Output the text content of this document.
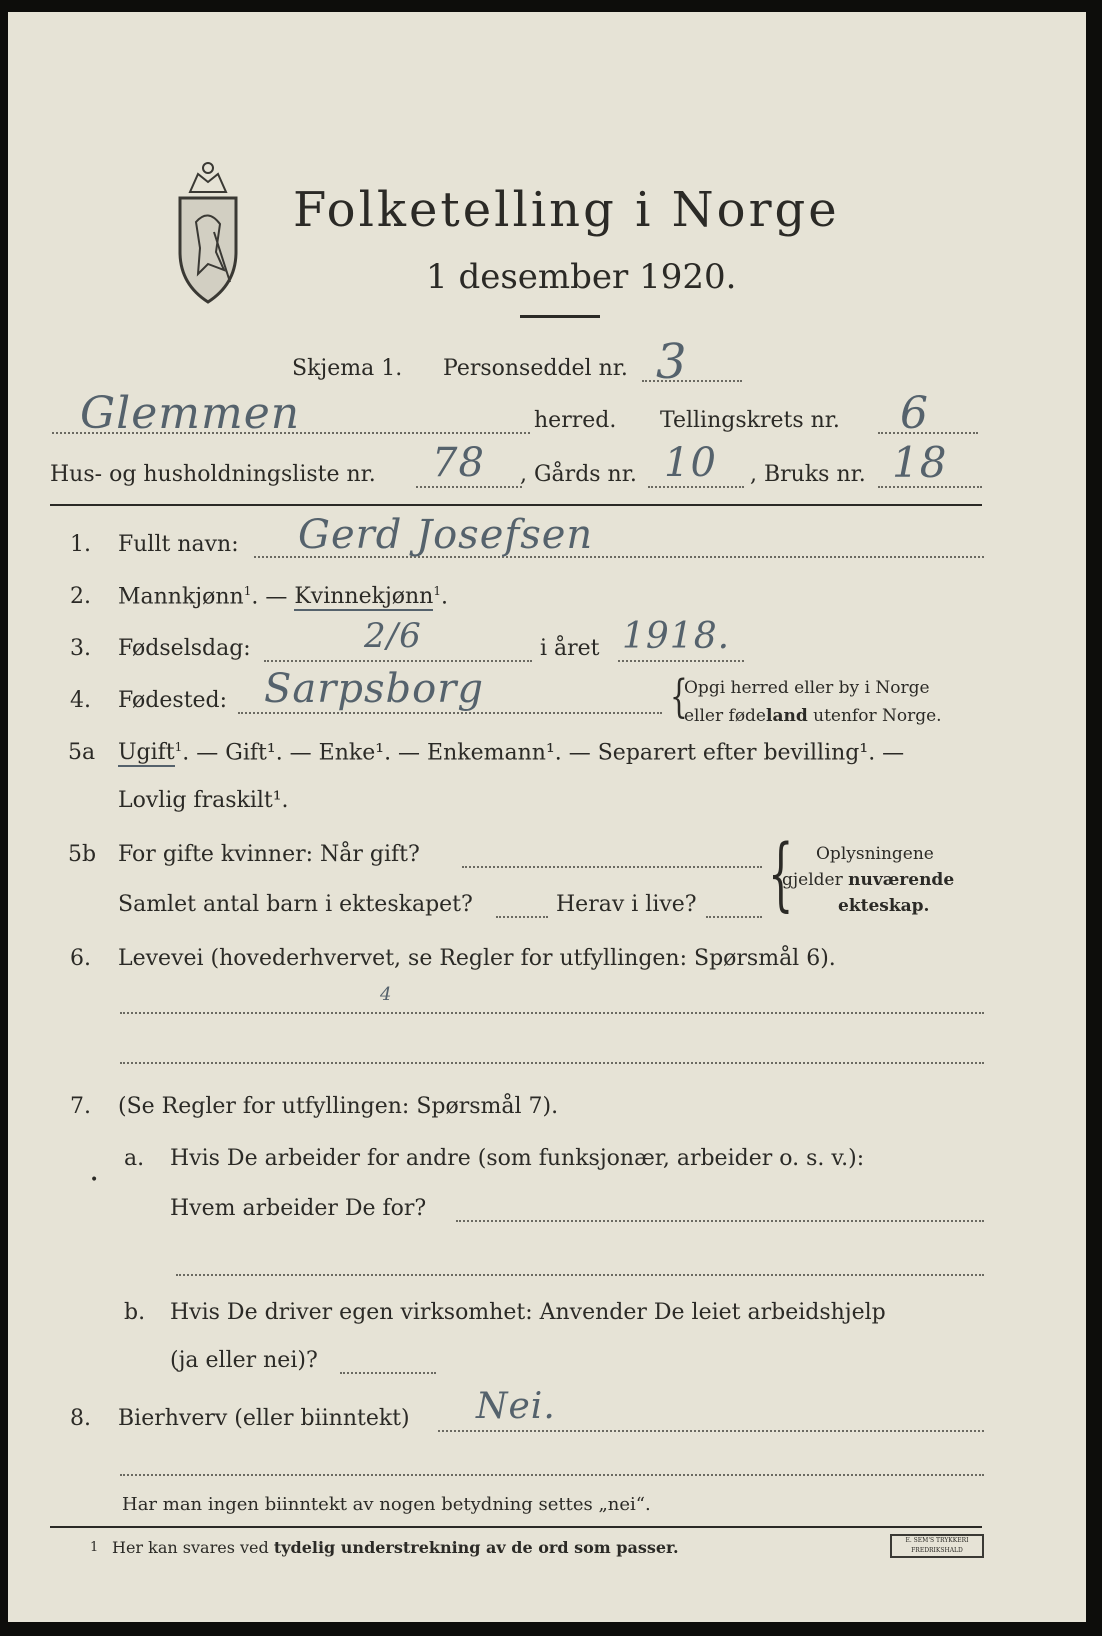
Folketelling i Norge
1 desember 1920.
Skjema 1. Personseddel nr. 3
Glemmen	herred. Tellingskrets nr. 6
Hus- og husholdningsliste nr. 78 , Gårds nr. 10 , Bruks nr. 18
1. Fullt navn: Gerd Josefsen
2. Mannkjønn$^1$. — Kvinnekjønn$^1$.
3. Fødselsdag:	2/6	i året 1918.
4. Fødested: Sarpsborg	{
Opgi herred eller by i Norge
eller fødeland utenfor Norge.
5a Ugift$^1$. — Gift¹. — Enke¹. — Enkemann¹. — Separert efter bevilling¹. —
Lovlig fraskilt¹.
5b For gifte kvinner: Når gift?
Samlet antal barn i ekteskapet?	Herav i live? { Oplysningene
gjelder nuværende
ekteskap.
6. Levevei (hovederhvervet, se Regler for utfyllingen: Spørsmål 6).
4
7. (Se Regler for utfyllingen: Spørsmål 7).
a. Hvis De arbeider for andre (som funksjonær, arbeider o. s. v.):
•
Hvem arbeider De for?
b. Hvis De driver egen virksomhet: Anvender De leiet arbeidshjelp
(ja eller nei)?
8. Bierhverv (eller biinntekt) Nei.
Har man ingen biinntekt av nogen betydning settes „nei“.
1 Her kan svares ved tydelig understrekning av de ord som passer.	E. SEM'S TRYKKERI FREDRIKSHALD
